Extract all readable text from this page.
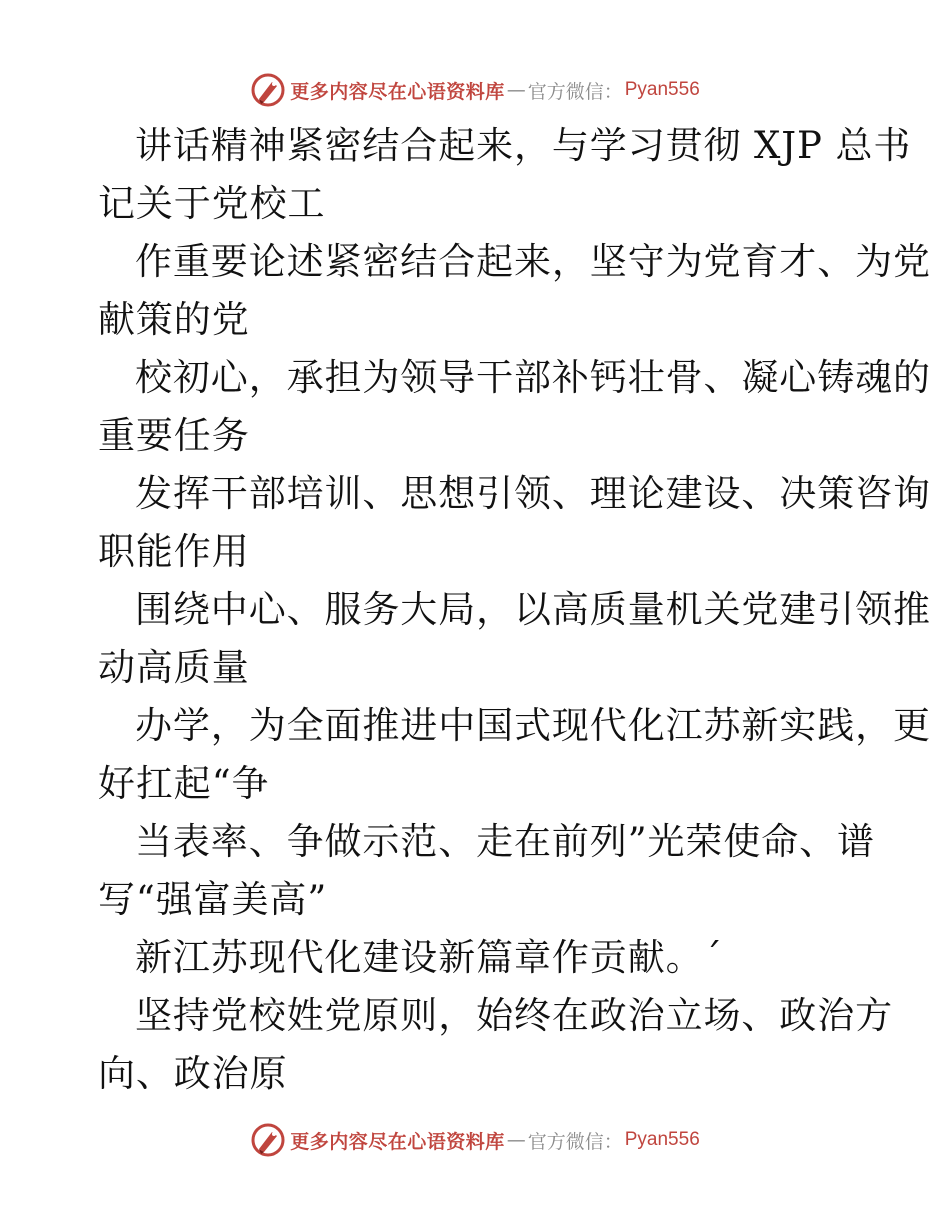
更多内容尽在心语资料库 — 官方微信： Pyan556
讲话精神紧密结合起来，与学习贯彻 XJP 总书
记关于党校工
作重要论述紧密结合起来，坚守为党育才、为党
献策的党
校初心，承担为领导干部补钙壮骨、凝心铸魂的
重要任务
发挥干部培训、思想引领、理论建设、决策咨询
职能作用
围绕中心、服务大局，以高质量机关党建引领推
动高质量
办学，为全面推进中国式现代化江苏新实践，更
好扛起“争
当表率、争做示范、走在前列”光荣使命、谱
写“强富美高”
新江苏现代化建设新篇章作贡献。ˊ
坚持党校姓党原则，始终在政治立场、政治方
向、政治原
更多内容尽在心语资料库 — 官方微信： Pyan556
